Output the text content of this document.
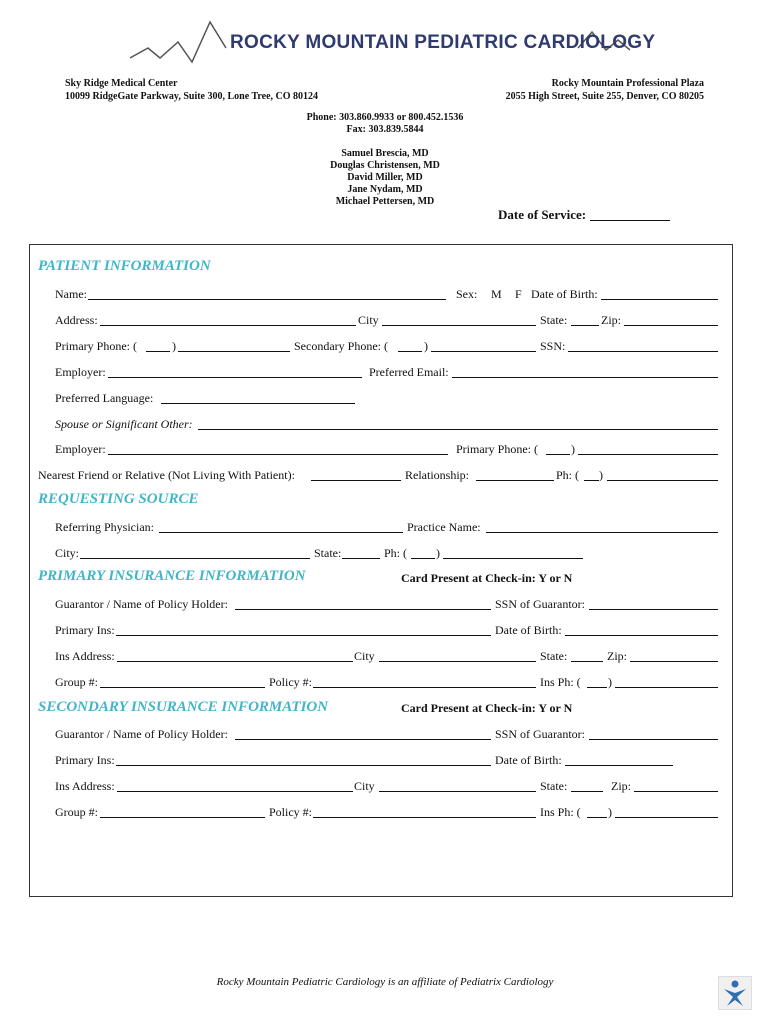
ROCKY MOUNTAIN PEDIATRIC CARDIOLOGY
Sky Ridge Medical Center
10099 RidgeGate Parkway, Suite 300, Lone Tree, CO 80124
Rocky Mountain Professional Plaza
2055 High Street, Suite 255, Denver, CO 80205
Phone: 303.860.9933 or 800.452.1536
Fax: 303.839.5844
Samuel Brescia, MD
Douglas Christensen, MD
David Miller, MD
Jane Nydam, MD
Michael Pettersen, MD
Date of Service:
PATIENT INFORMATION
Name:	Sex: M F Date of Birth:
Address:	City	State:	Zip:
Primary Phone: (	)	Secondary Phone: (	)	SSN:
Employer:	Preferred Email:
Preferred Language:
Spouse or Significant Other:
Employer:	Primary Phone: (	)
Nearest Friend or Relative (Not Living With Patient):	Relationship:	Ph: ( )
REQUESTING SOURCE
Referring Physician:	Practice Name:
City:	State:	Ph: ( )
PRIMARY INSURANCE INFORMATION	Card Present at Check-in: Y or N
Guarantor / Name of Policy Holder:	SSN of Guarantor:
Primary Ins:	Date of Birth:
Ins Address:	City	State:	Zip:
Group #:	Policy #:	Ins Ph: ( )
SECONDARY INSURANCE INFORMATION	Card Present at Check-in: Y or N
Guarantor / Name of Policy Holder:	SSN of Guarantor:
Primary Ins:	Date of Birth:
Ins Address:	City	State:	Zip:
Group #:	Policy #:	Ins Ph: ( )
Rocky Mountain Pediatric Cardiology is an affiliate of Pediatrix Cardiology
